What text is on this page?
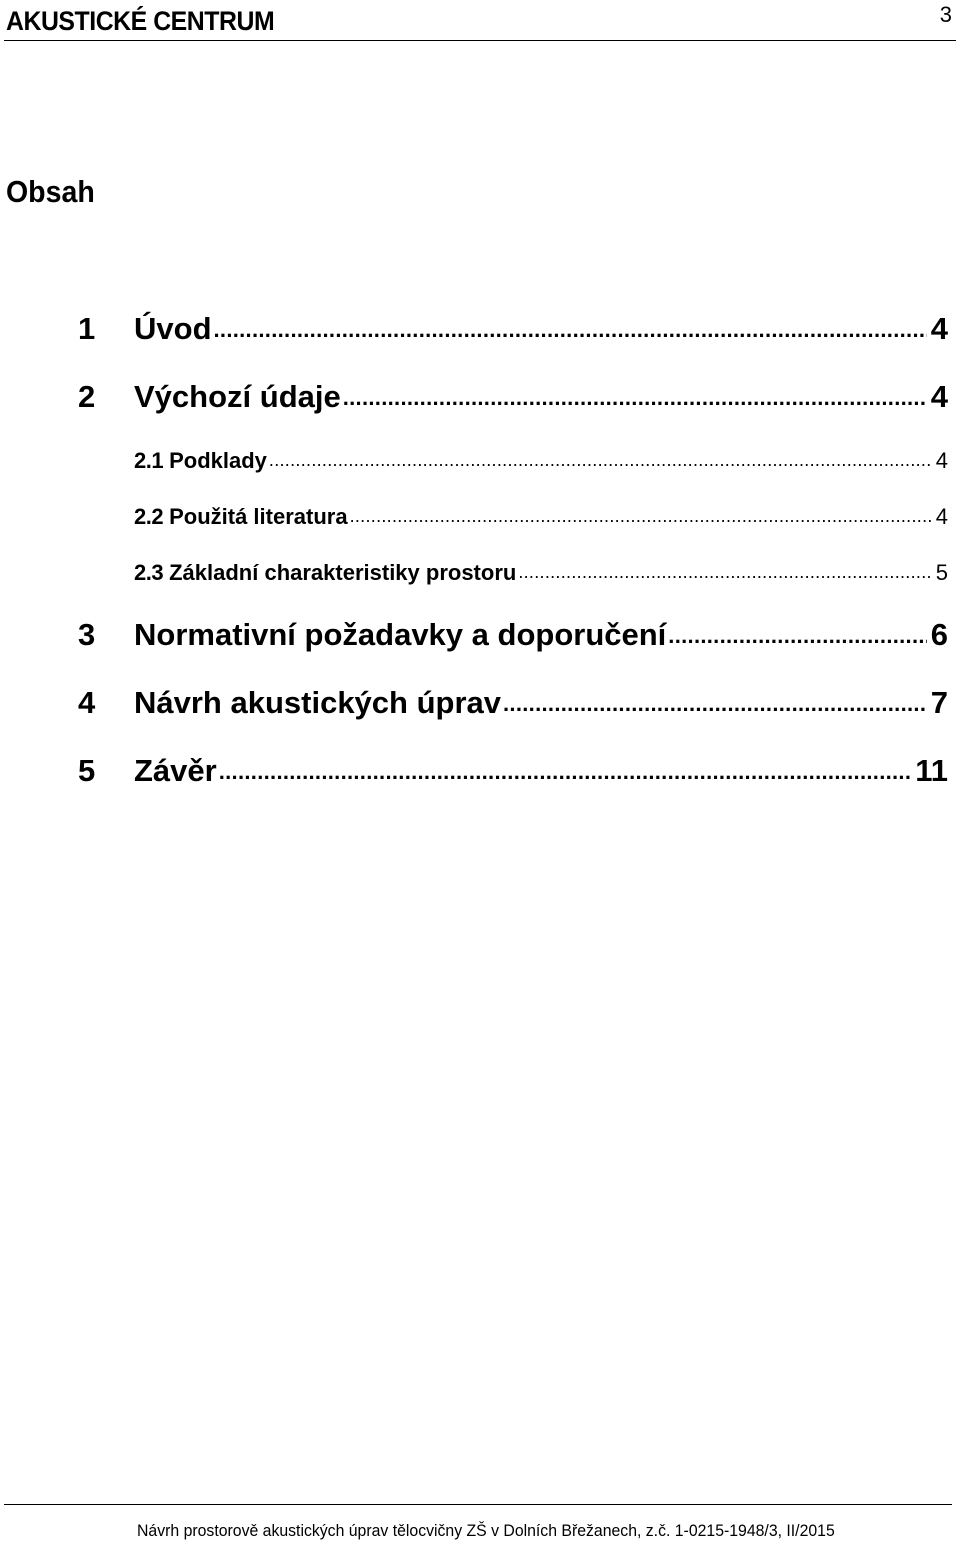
AKUSTICKÉ CENTRUM	3
Obsah
1	Úvod .....	4
2	Výchozí údaje .....	4
2.1 Podklady .....	4
2.2 Použitá literatura .....	4
2.3 Základní charakteristiky prostoru .....	5
3	Normativní požadavky a doporučení .....	6
4	Návrh akustických úprav .....	7
5	Závěr .....	11
Návrh prostorově akustických úprav tělocvičny ZŠ v Dolních Břežanech, z.č. 1-0215-1948/3, II/2015
